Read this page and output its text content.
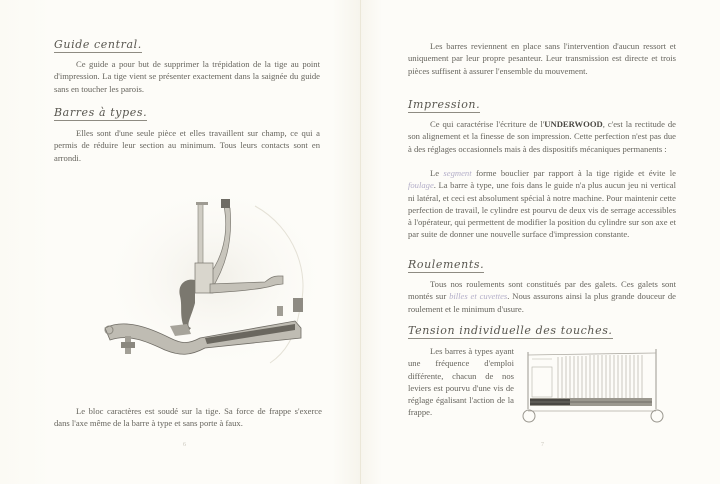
Guide central.

Ce guide a pour but de supprimer la trépidation de la tige au point d'impression. La tige vient se présenter exactement dans la saignée du guide sans en toucher les parois.

Barres à types.

Elles sont d'une seule pièce et elles travaillent sur champ, ce qui a permis de réduire leur section au minimum. Tous leurs contacts sont en arrondi.

Le bloc caractères est soudé sur la tige. Sa force de frappe s'exerce dans l'axe même de la barre à type et sans porte à faux.

6

Les barres reviennent en place sans l'intervention d'aucun ressort et uniquement par leur propre pesanteur. Leur transmission est directe et trois pièces suffisent à assurer l'ensemble du mouvement.

Impression.

Ce qui caractérise l'écriture de l'UNDERWOOD, c'est la rectitude de son alignement et la finesse de son impression. Cette perfection n'est pas due à des réglages occasionnels mais à des dispositifs mécaniques permanents :

Le segment forme bouclier par rapport à la tige rigide et évite le foulage. La barre à type, une fois dans le guide n'a plus aucun jeu ni vertical ni latéral, et ceci est absolument spécial à notre machine. Pour maintenir cette perfection de travail, le cylindre est pourvu de deux vis de serrage accessibles à l'opérateur, qui permettent de modifier la position du cylindre sur son axe et par suite de donner une nouvelle surface d'impression constante.

Roulements.

Tous nos roulements sont constitués par des galets. Ces galets sont montés sur billes et cuvettes. Nous assurons ainsi la plus grande douceur de roulement et le minimum d'usure.

Tension individuelle des touches.

Les barres à types ayant une fréquence d'emploi différente, chacun de nos leviers est pourvu d'une vis de réglage égalisant l'action de la frappe.

7
